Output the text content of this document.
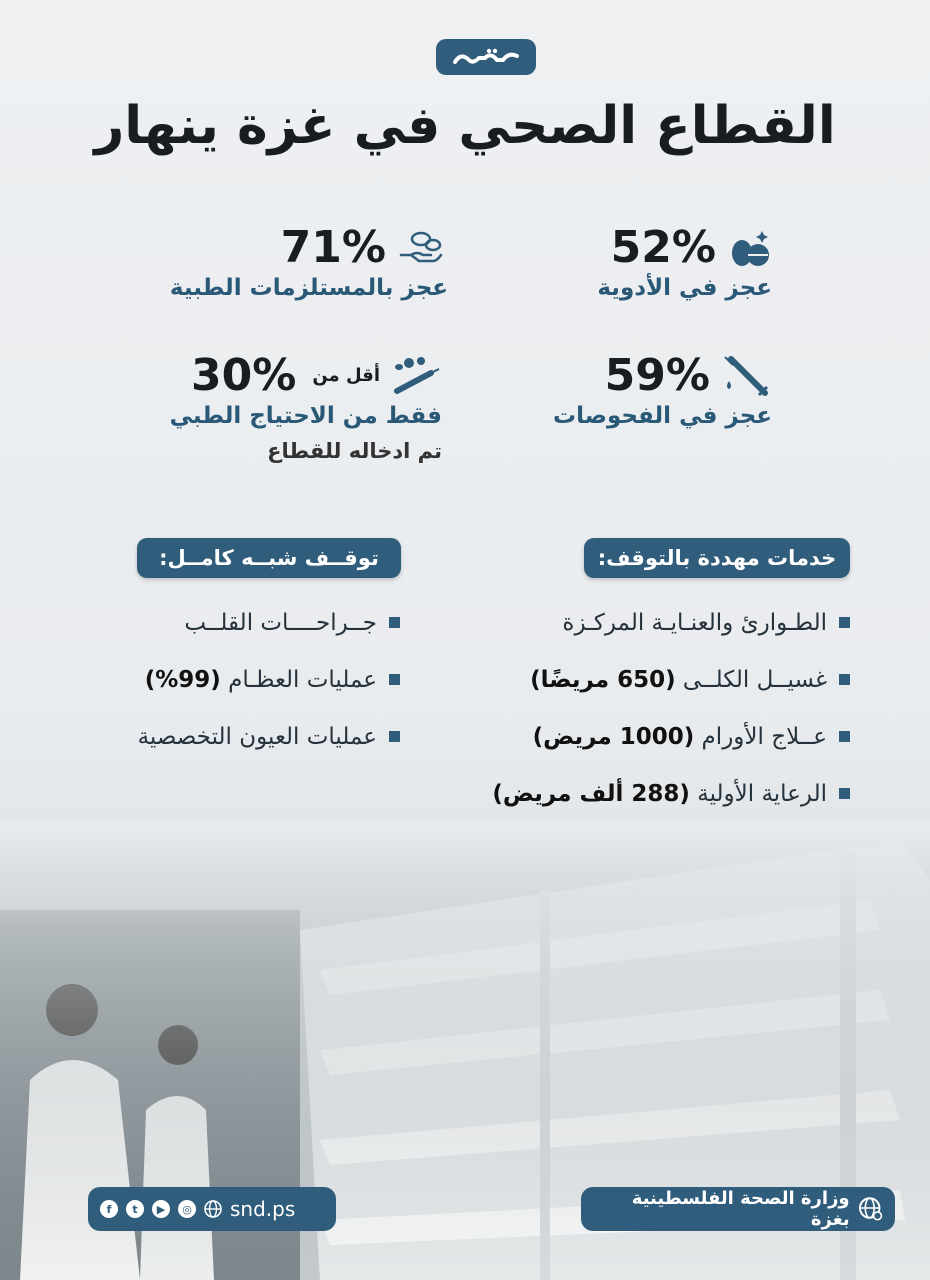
القطاع الصحي في غزة ينهار
52%
عجز في الأدوية
71%
عجز بالمستلزمات الطبية
59%
عجز في الفحوصات
أقل من
30%
فقط من الاحتياج الطبي
تم ادخاله للقطاع
خدمات مهددة بالتوقف:
توقــف شبــه كامــل:
الطـوارئ والعنـايـة المركـزة
غسيــل الكلــى (650 مريضًا)
عــلاج الأورام (1000 مريض)
الرعاية الأولية (288 ألف مريض)
جــراحــــات القلــب
عمليات العظـام (99%)
عمليات العيون التخصصية
f	t	▶	◎ snd.ps	وزارة الصحة الفلسطينية بغزة
